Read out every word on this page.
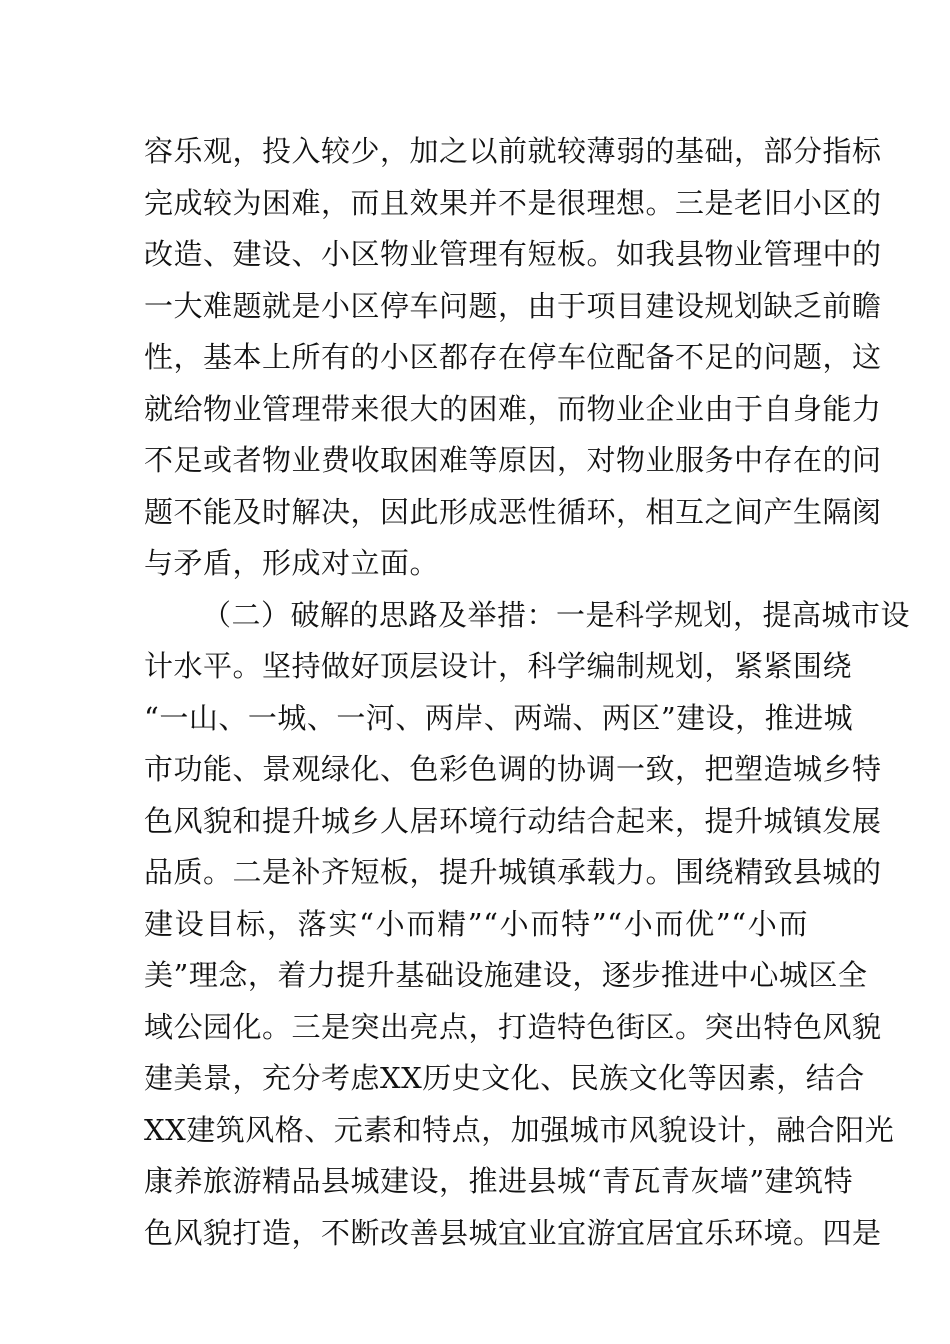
容乐观，投入较少，加之以前就较薄弱的基础，部分指标
完成较为困难，而且效果并不是很理想。三是老旧小区的
改造、建设、小区物业管理有短板。如我县物业管理中的
一大难题就是小区停车问题，由于项目建设规划缺乏前瞻
性，基本上所有的小区都存在停车位配备不足的问题，这
就给物业管理带来很大的困难，而物业企业由于自身能力
不足或者物业费收取困难等原因，对物业服务中存在的问
题不能及时解决，因此形成恶性循环，相互之间产生隔阂
与矛盾，形成对立面。
（二）破解的思路及举措：一是科学规划，提高城市设
计水平。坚持做好顶层设计，科学编制规划，紧紧围绕
“一山、一城、一河、两岸、两端、两区”建设，推进城
市功能、景观绿化、色彩色调的协调一致，把塑造城乡特
色风貌和提升城乡人居环境行动结合起来，提升城镇发展
品质。二是补齐短板，提升城镇承载力。围绕精致县城的
建设目标，落实“小而精”“小而特”“小而优”“小而
美”理念，着力提升基础设施建设，逐步推进中心城区全
域公园化。三是突出亮点，打造特色街区。突出特色风貌
建美景，充分考虑XX历史文化、民族文化等因素，结合
XX建筑风格、元素和特点，加强城市风貌设计，融合阳光
康养旅游精品县城建设，推进县城“青瓦青灰墙”建筑特
色风貌打造，不断改善县城宜业宜游宜居宜乐环境。四是
